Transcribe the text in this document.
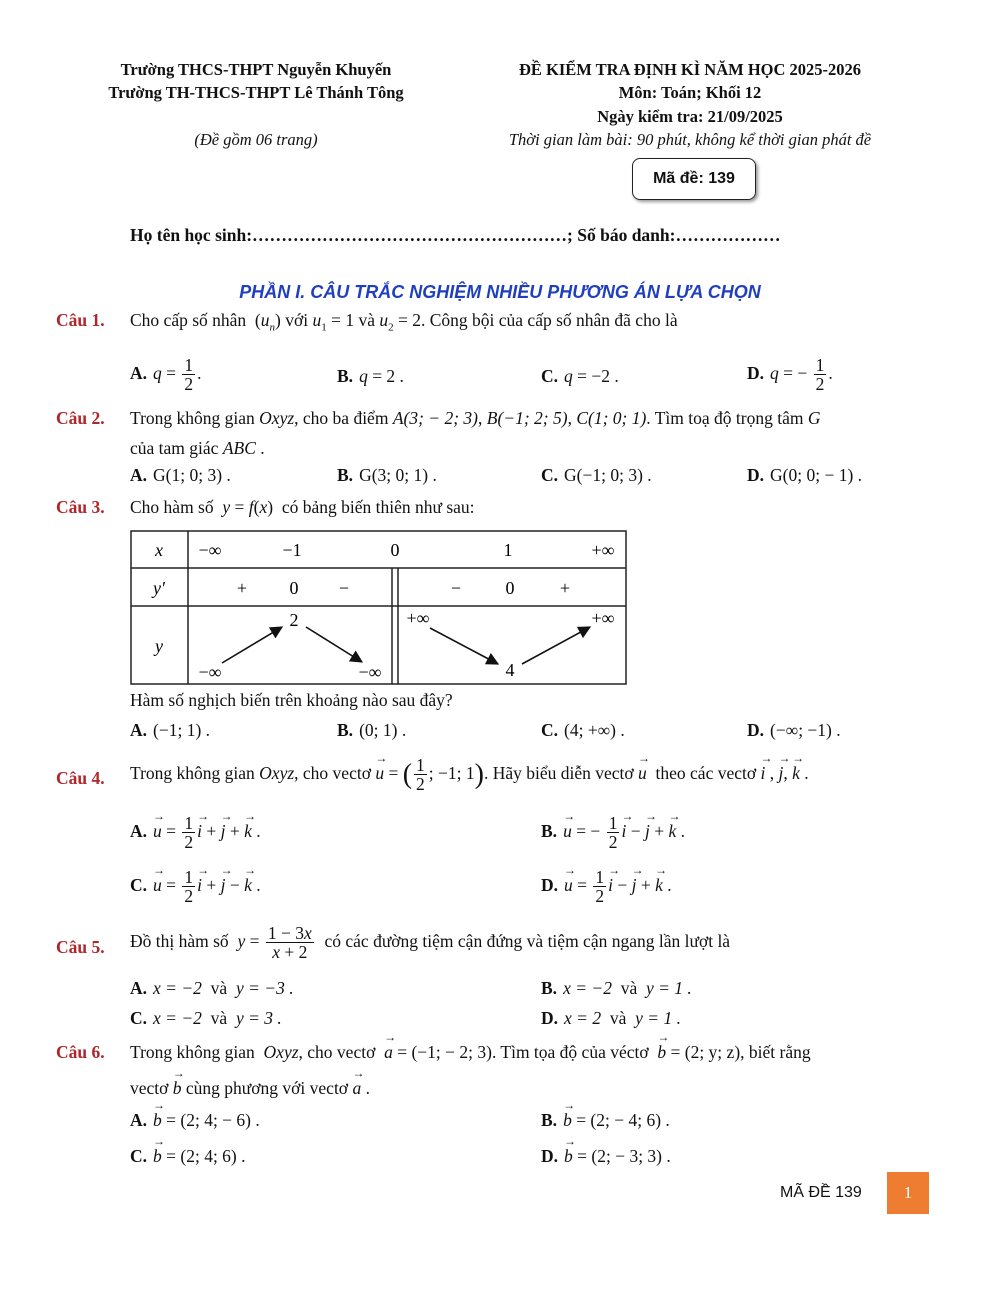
Trường THCS-THPT Nguyễn Khuyến
Trường TH-THCS-THPT Lê Thánh Tông
(Đề gồm 06 trang)
ĐỀ KIỂM TRA ĐỊNH KÌ NĂM HỌC 2025-2026
Môn: Toán; Khối 12
Ngày kiểm tra: 21/09/2025
Thời gian làm bài: 90 phút, không kể thời gian phát đề
Mã đề: 139
Họ tên học sinh:………………………………………………; Số báo danh:………………
PHẦN I. CÂU TRẮC NGHIỆM NHIỀU PHƯƠNG ÁN LỰA CHỌN
Câu 1. Cho cấp số nhân $(u_n)$ với $u_1 = 1$ và $u_2 = 2$. Công bội của cấp số nhân đã cho là
A. $q = \frac{1}{2}$ .	B. q = 2 .	C. q = −2 .	D. q = − $\frac{1}{2}$ .
Câu 2. Trong không gian Oxyz, cho ba điểm A(3; − 2; 3), B(−1; 2; 5), C(1; 0; 1). Tìm toạ độ trọng tâm G
của tam giác ABC .
A. G(1; 0; 3) .	B. G(3; 0; 1) .	C. G(−1; 0; 3) .	D. G(0; 0; − 1) .
Câu 3. Cho hàm số y = f(x)  có bảng biến thiên như sau:
x
y′
y
−∞	−1	0	1	+∞
+ 0 −	− 0	+
−∞
2
−∞
+∞
4
+∞
Hàm số nghịch biến trên khoảng nào sau đây?
A. (−1; 1) .	B. (0; 1) .	C. (4; +∞) .	D. (−∞; −1) .
Câu 4. Trong không gian Oxyz, cho vectơ → u = ( $\frac{1}{2}$ ; −1; 1). Hãy biểu diễn vectơ → u theo các vectơ → i , → j, → k .
$A.\to u = \frac{1}{2}$
→ i + → j + → k .	B.→ u = − $\frac{1}{2}$
→ i − → j + → k .
$C.\to u = \frac{1}{2}$
→ i + → j − → k .	$D.\to u = \frac{1}{2}$
→ i − → j + → k .
Câu 5. Đồ thị hàm số $y = \frac{1 - 3x}{x + 2}$ có các đường tiệm cận đứng và tiệm cận ngang lần lượt là
A. x = −2 và y = −3 .	B. x = −2 và y = 1 .
C. x = −2 và y = 3 .	D. x = 2 và y = 1 .
Câu 6. Trong không gian Oxyz, cho vectơ  → a = (−1; − 2; 3). Tìm tọa độ của véctơ  → b = (2; y; z), biết rằng
vectơ → b cùng phương với vectơ → a .
A.→ b = (2; 4; − 6) .	B.→ b = (2; − 4; 6) .
C.→ b = (2; 4; 6) .	D.→ b = (2; − 3; 3) .
MÃ ĐỀ 139 1
